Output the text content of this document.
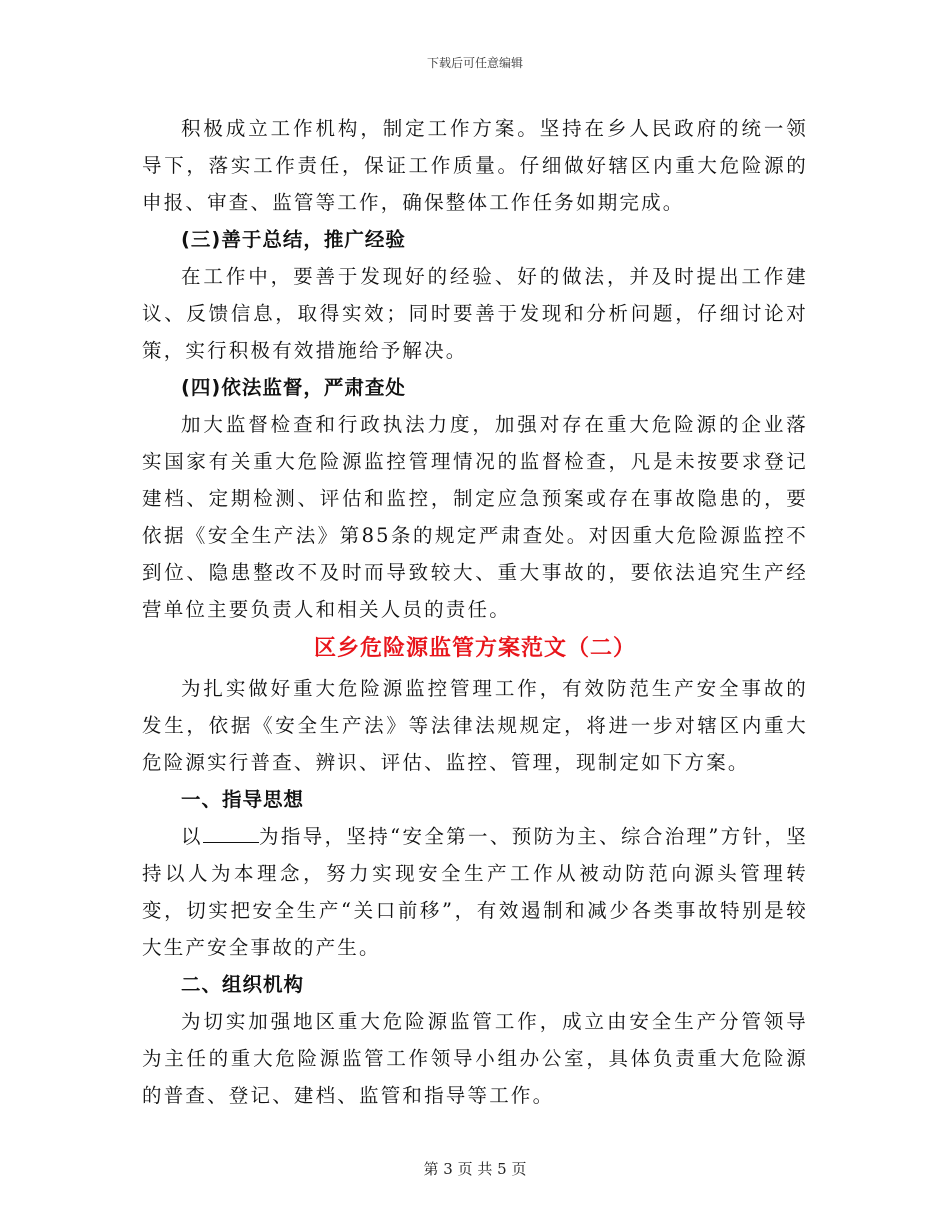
下载后可任意编辑

积极成立工作机构，制定工作方案。坚持在乡人民政府的统一领导下，落实工作责任，保证工作质量。仔细做好辖区内重大危险源的申报、审查、监管等工作，确保整体工作任务如期完成。

(三)善于总结，推广经验

在工作中，要善于发现好的经验、好的做法，并及时提出工作建议、反馈信息，取得实效；同时要善于发现和分析问题，仔细讨论对策，实行积极有效措施给予解决。

(四)依法监督，严肃查处

加大监督检查和行政执法力度，加强对存在重大危险源的企业落实国家有关重大危险源监控管理情况的监督检查，凡是未按要求登记建档、定期检测、评估和监控，制定应急预案或存在事故隐患的，要依据《安全生产法》第85条的规定严肃查处。对因重大危险源监控不到位、隐患整改不及时而导致较大、重大事故的，要依法追究生产经营单位主要负责人和相关人员的责任。

区乡危险源监管方案范文（二）

为扎实做好重大危险源监控管理工作，有效防范生产安全事故的发生，依据《安全生产法》等法律法规规定，将进一步对辖区内重大危险源实行普查、辨识、评估、监控、管理，现制定如下方案。

一、指导思想

以	为指导，坚持“安全第一、预防为主、综合治理”方针，坚持以人为本理念，努力实现安全生产工作从被动防范向源头管理转变，切实把安全生产“关口前移”，有效遏制和减少各类事故特别是较大生产安全事故的产生。

二、组织机构

为切实加强地区重大危险源监管工作，成立由安全生产分管领导为主任的重大危险源监管工作领导小组办公室，具体负责重大危险源的普查、登记、建档、监管和指导等工作。

第 3 页 共 5 页
